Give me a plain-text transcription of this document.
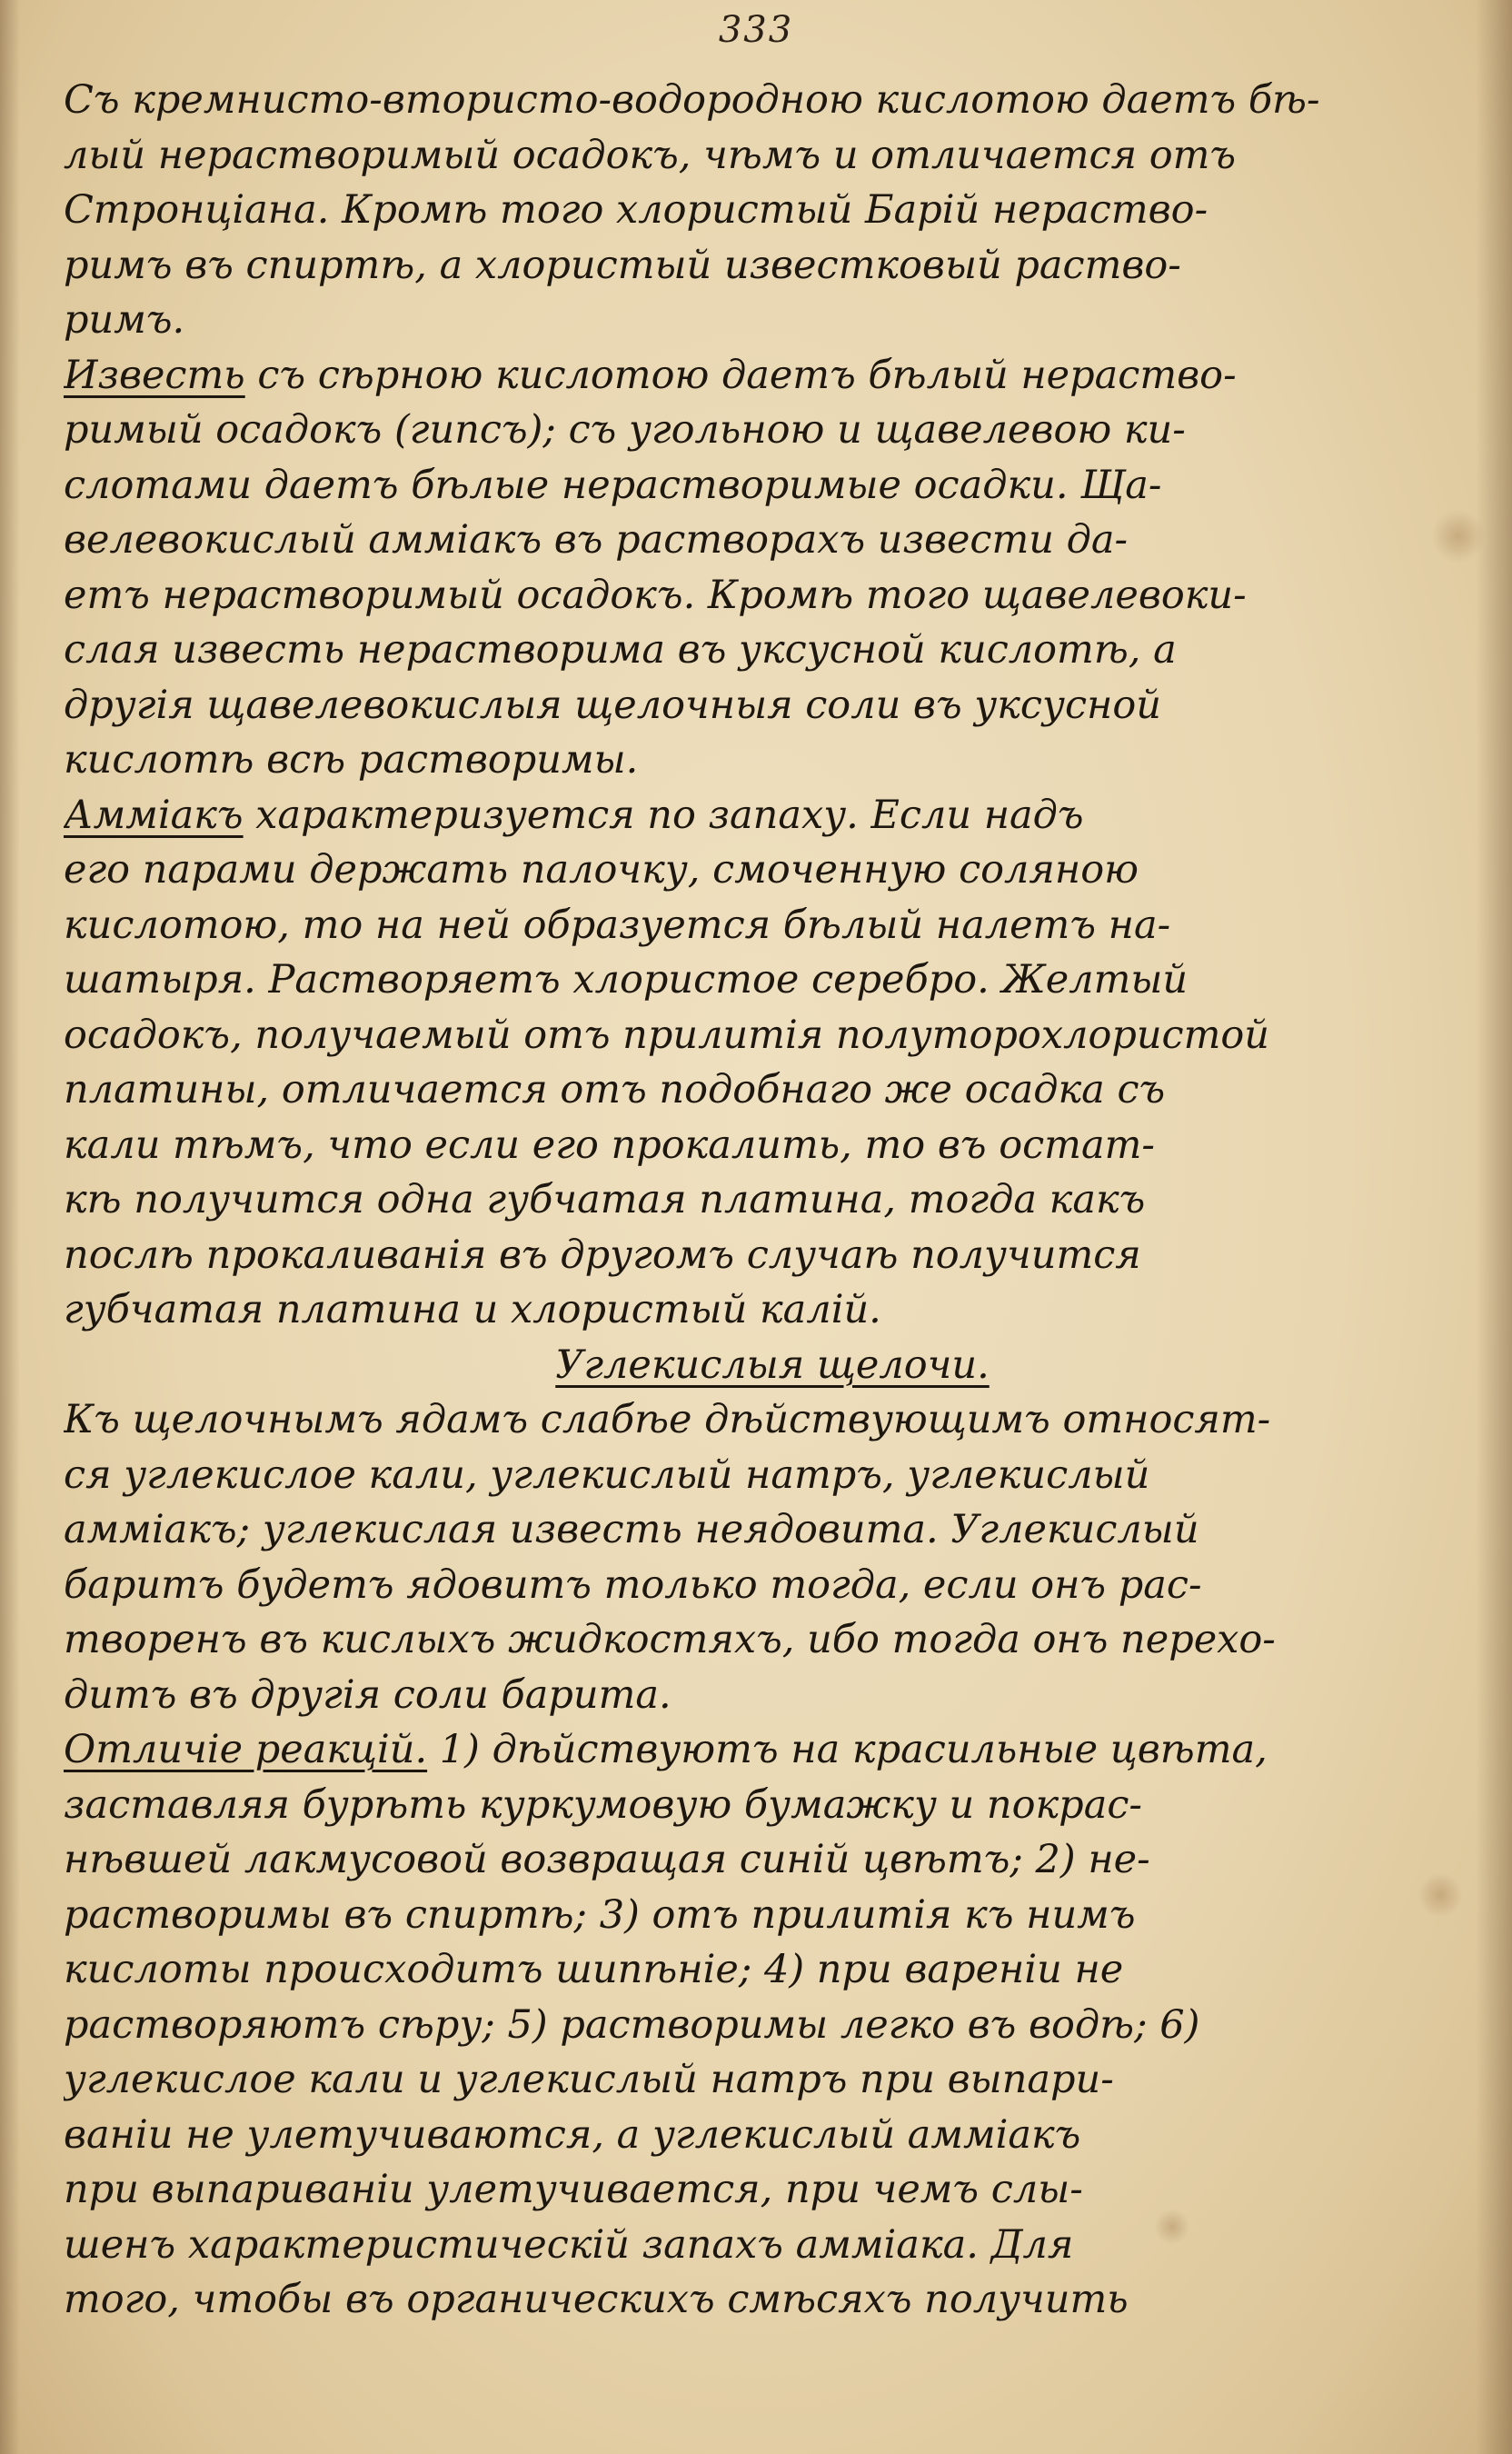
333
Съ кремнисто-втористо-водородною кислотою даетъ бѣ-
лый нерастворимый осадокъ, чѣмъ и отличается отъ
Стронціана. Кромѣ того хлористый Барій нераство-
римъ въ спиртѣ, а хлористый известковый раство-
римъ.
Известь съ сѣрною кислотою даетъ бѣлый нераство-
римый осадокъ (гипсъ); съ угольною и щавелевою ки-
слотами даетъ бѣлые нерастворимые осадки. Ща-
велевокислый аммiакъ въ растворахъ извести да-
етъ нерастворимый осадокъ. Кромѣ того щавелевоки-
слая известь нерастворима въ уксусной кислотѣ, а
другія щавелевокислыя щелочныя соли въ уксусной
кислотѣ всѣ растворимы.
Аммiакъ характеризуется по запаху. Если надъ
его парами держать палочку, смоченную соляною
кислотою, то на ней образуется бѣлый налетъ на-
шатыря. Растворяетъ хлористое серебро. Желтый
осадокъ, получаемый отъ прилитія полуторохлористой
платины, отличается отъ подобнаго же осадка съ
кали тѣмъ, что если его прокалить, то въ остат-
кѣ получится одна губчатая платина, тогда какъ
послѣ прокаливанія въ другомъ случаѣ получится
губчатая платина и хлористый калій.
Углекислыя щелочи.
Къ щелочнымъ ядамъ слабѣе дѣйствующимъ относят-
ся углекислое кали, углекислый натръ, углекислый
аммiакъ; углекислая известь неядовита. Углекислый
баритъ будетъ ядовитъ только тогда, если онъ рас-
творенъ въ кислыхъ жидкостяхъ, ибо тогда онъ перехо-
дитъ въ другія соли барита.
Отличіе реакцій. 1) дѣйствуютъ на красильные цвѣта,
заставляя бурѣть куркумовую бумажку и покрас-
нѣвшей лакмусовой возвращая синій цвѣтъ; 2) не-
растворимы въ спиртѣ; 3) отъ прилитія къ нимъ
кислоты происходитъ шипѣніе; 4) при вареніи не
растворяютъ сѣру; 5) растворимы легко въ водѣ; 6)
углекислое кали и углекислый натръ при выпари-
ваніи не улетучиваются, а углекислый аммiакъ
при выпариваніи улетучивается, при чемъ слы-
шенъ характеристическій запахъ аммiака. Для
того, чтобы въ органическихъ смѣсяхъ получить
